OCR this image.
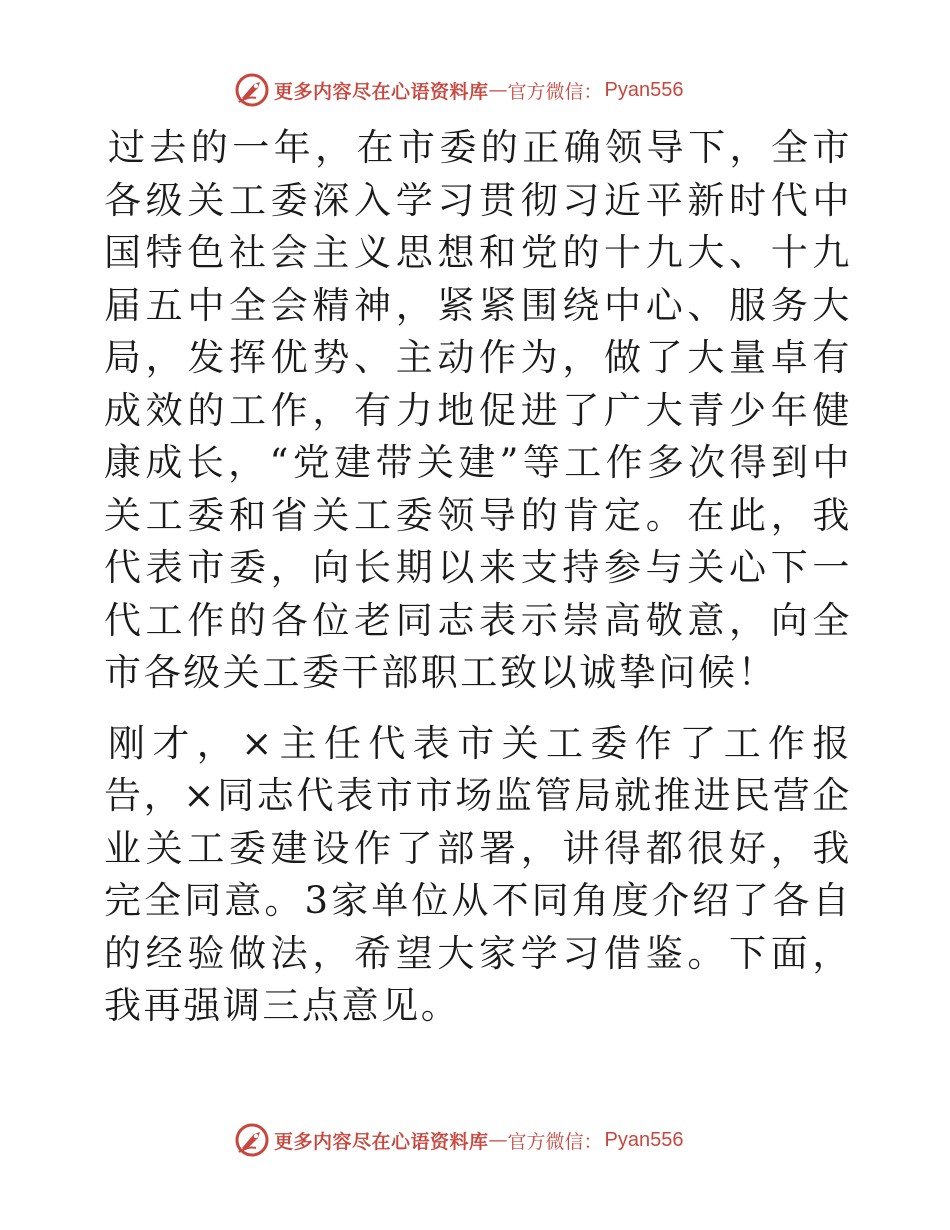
更多内容尽在心语资料库 — 官方微信： Pyan556

过去的一年，在市委的正确领导下，全市各级关工委深入学习贯彻习近平新时代中国特色社会主义思想和党的十九大、十九届五中全会精神，紧紧围绕中心、服务大局，发挥优势、主动作为，做了大量卓有成效的工作，有力地促进了广大青少年健康成长，“党建带关建”等工作多次得到中关工委和省关工委领导的肯定。在此，我代表市委，向长期以来支持参与关心下一代工作的各位老同志表示崇高敬意，向全市各级关工委干部职工致以诚挚问候！

刚才，×主任代表市关工委作了工作报告，×同志代表市市场监管局就推进民营企业关工委建设作了部署，讲得都很好，我完全同意。3家单位从不同角度介绍了各自的经验做法，希望大家学习借鉴。下面，我再强调三点意见。

更多内容尽在心语资料库 — 官方微信： Pyan556
